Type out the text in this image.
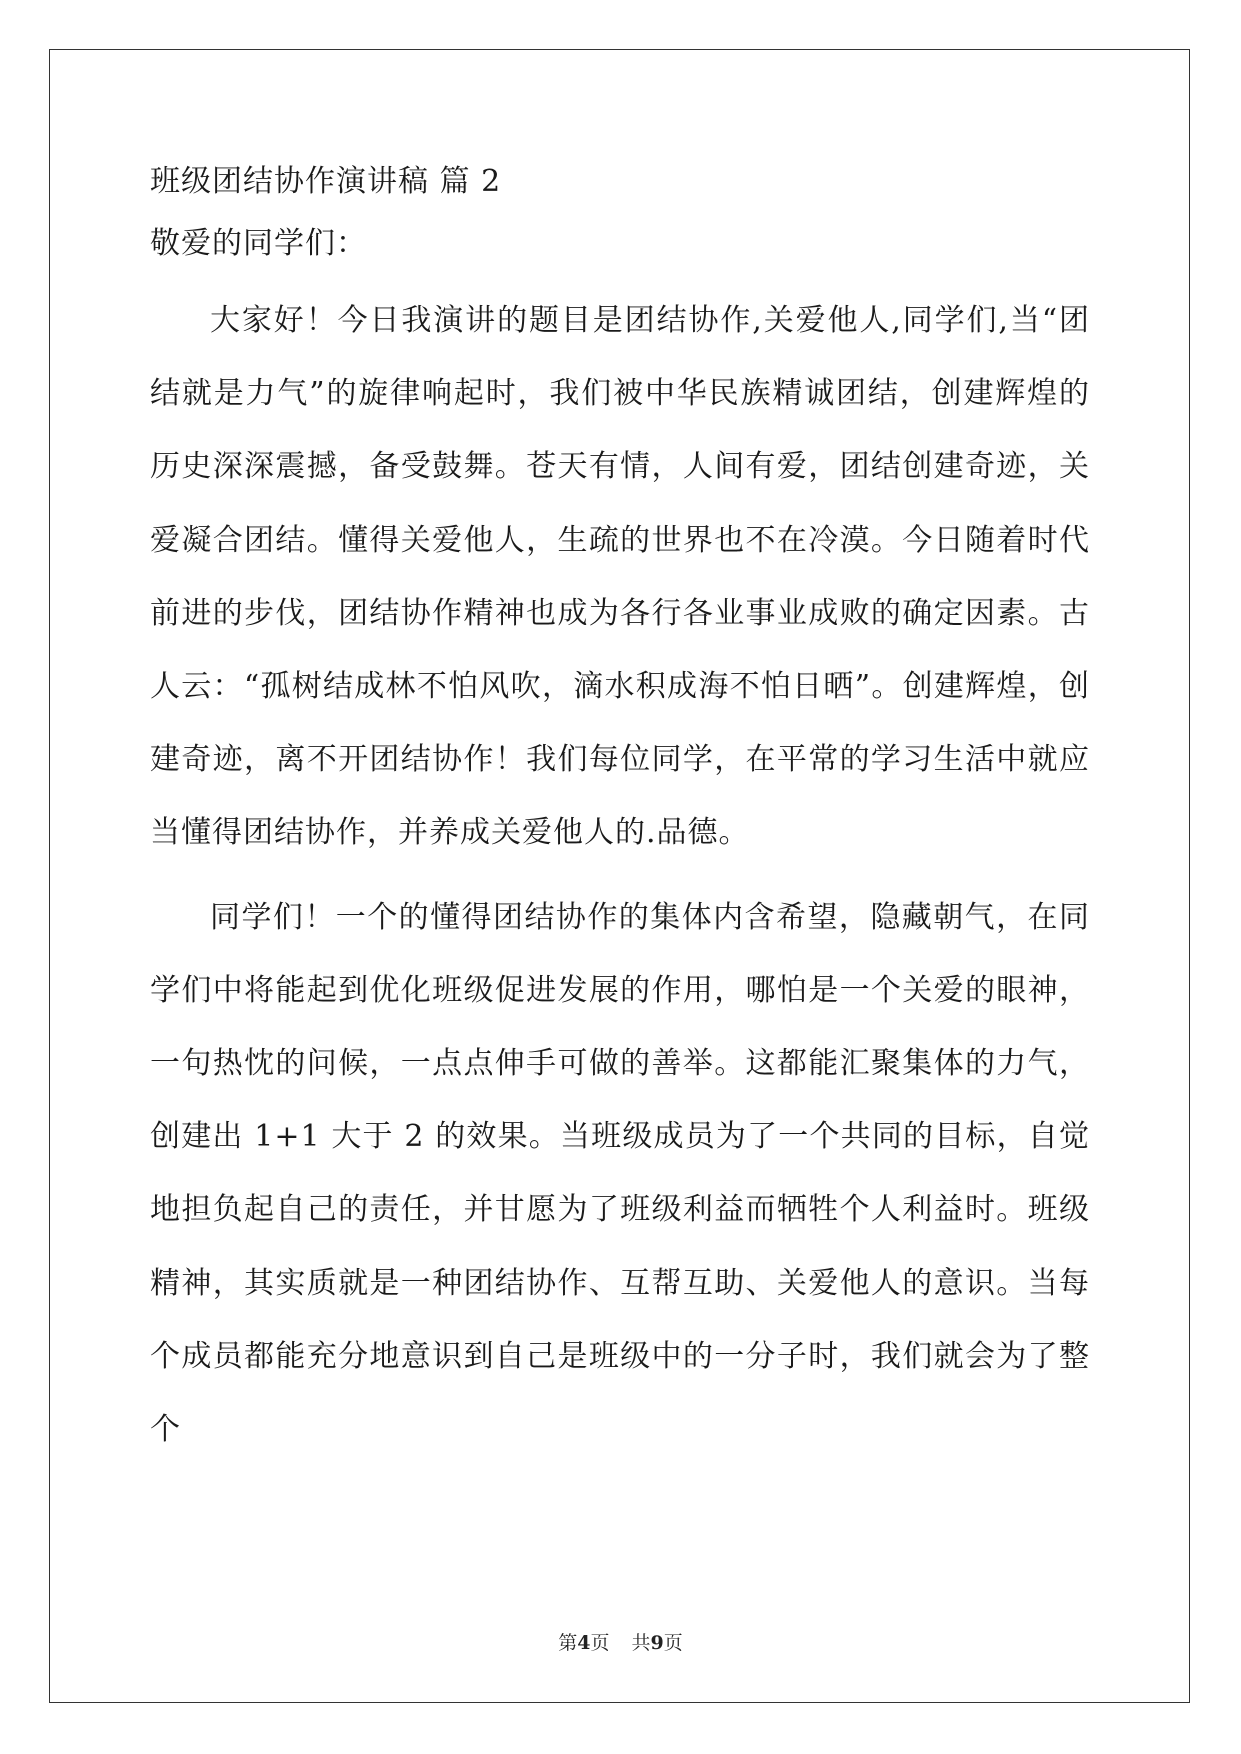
班级团结协作演讲稿 篇 2
敬爱的同学们：

大家好！今日我演讲的题目是团结协作,关爱他人,同学们,当“团结就是力气”的旋律响起时，我们被中华民族精诚团结，创建辉煌的历史深深震撼，备受鼓舞。苍天有情，人间有爱，团结创建奇迹，关爱凝合团结。懂得关爱他人，生疏的世界也不在冷漠。今日随着时代前进的步伐，团结协作精神也成为各行各业事业成败的确定因素。古人云：“孤树结成林不怕风吹，滴水积成海不怕日晒”。创建辉煌，创建奇迹，离不开团结协作！我们每位同学，在平常的学习生活中就应当懂得团结协作，并养成关爱他人的.品德。

同学们！一个的懂得团结协作的集体内含希望，隐藏朝气，在同学们中将能起到优化班级促进发展的作用，哪怕是一个关爱的眼神，一句热忱的问候，一点点伸手可做的善举。这都能汇聚集体的力气，创建出 1+1 大于 2 的效果。当班级成员为了一个共同的目标，自觉地担负起自己的责任，并甘愿为了班级利益而牺牲个人利益时。班级精神，其实质就是一种团结协作、互帮互助、关爱他人的意识。当每个成员都能充分地意识到自己是班级中的一分子时，我们就会为了整个

第4页 共9页
